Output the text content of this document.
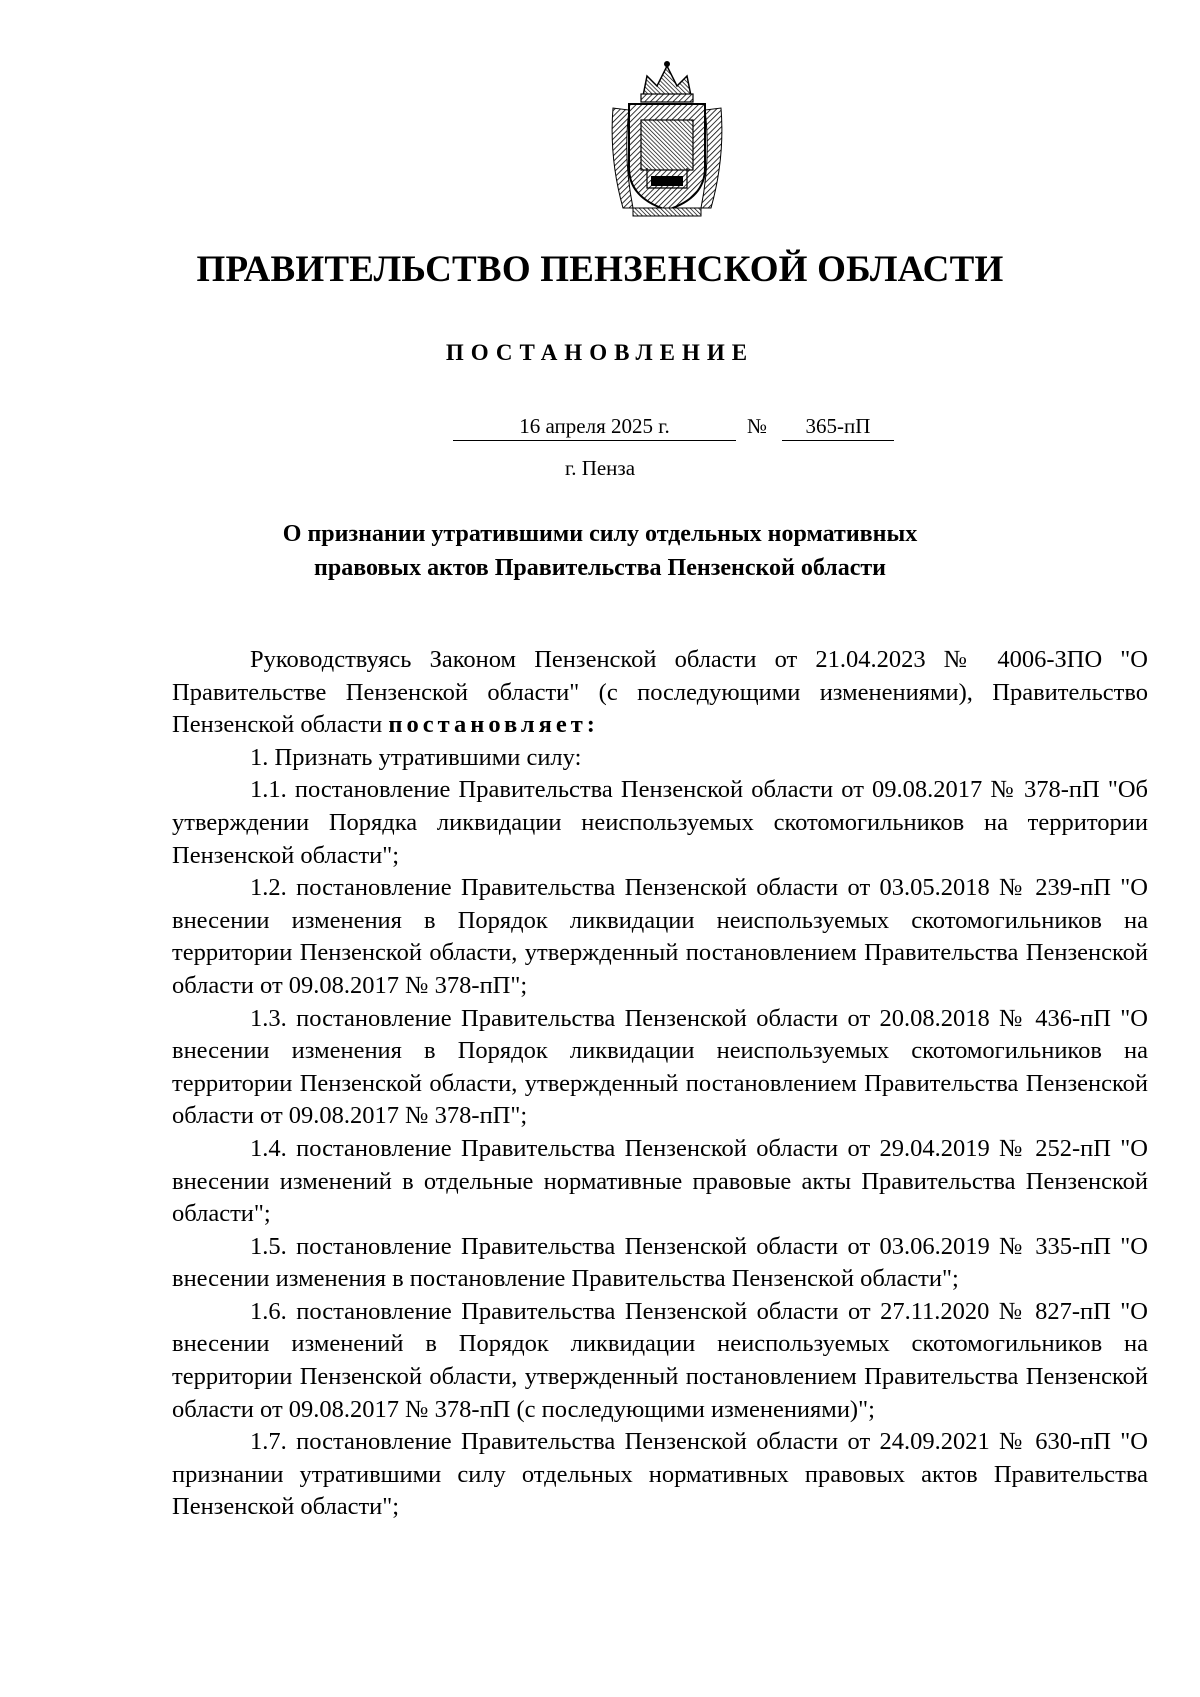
ПРАВИТЕЛЬСТВО ПЕНЗЕНСКОЙ ОБЛАСТИ
ПОСТАНОВЛЕНИЕ
16 апреля 2025 г.	№	365-пП
г. Пенза
О признании утратившими силу отдельных нормативных
правовых актов Правительства Пензенской области

Руководствуясь Законом Пензенской области от 21.04.2023 № 4006-ЗПО "О Правительстве Пензенской области" (с последующими изменениями), Правительство Пензенской области постановляет:

1. Признать утратившими силу:

1.1. постановление Правительства Пензенской области от 09.08.2017 № 378-пП "Об утверждении Порядка ликвидации неиспользуемых скотомогильников на территории Пензенской области";

1.2. постановление Правительства Пензенской области от 03.05.2018 № 239-пП "О внесении изменения в Порядок ликвидации неиспользуемых скотомогильников на территории Пензенской области, утвержденный постановлением Правительства Пензенской области от 09.08.2017 № 378-пП";

1.3. постановление Правительства Пензенской области от 20.08.2018 № 436-пП "О внесении изменения в Порядок ликвидации неиспользуемых скотомогильников на территории Пензенской области, утвержденный постановлением Правительства Пензенской области от 09.08.2017 № 378-пП";

1.4. постановление Правительства Пензенской области от 29.04.2019 № 252-пП "О внесении изменений в отдельные нормативные правовые акты Правительства Пензенской области";

1.5. постановление Правительства Пензенской области от 03.06.2019 № 335-пП "О внесении изменения в постановление Правительства Пензенской области";

1.6. постановление Правительства Пензенской области от 27.11.2020 № 827-пП "О внесении изменений в Порядок ликвидации неиспользуемых скотомогильников на территории Пензенской области, утвержденный постановлением Правительства Пензенской области от 09.08.2017 № 378-пП (с последующими изменениями)";

1.7. постановление Правительства Пензенской области от 24.09.2021 № 630-пП "О признании утратившими силу отдельных нормативных правовых актов Правительства Пензенской области";
